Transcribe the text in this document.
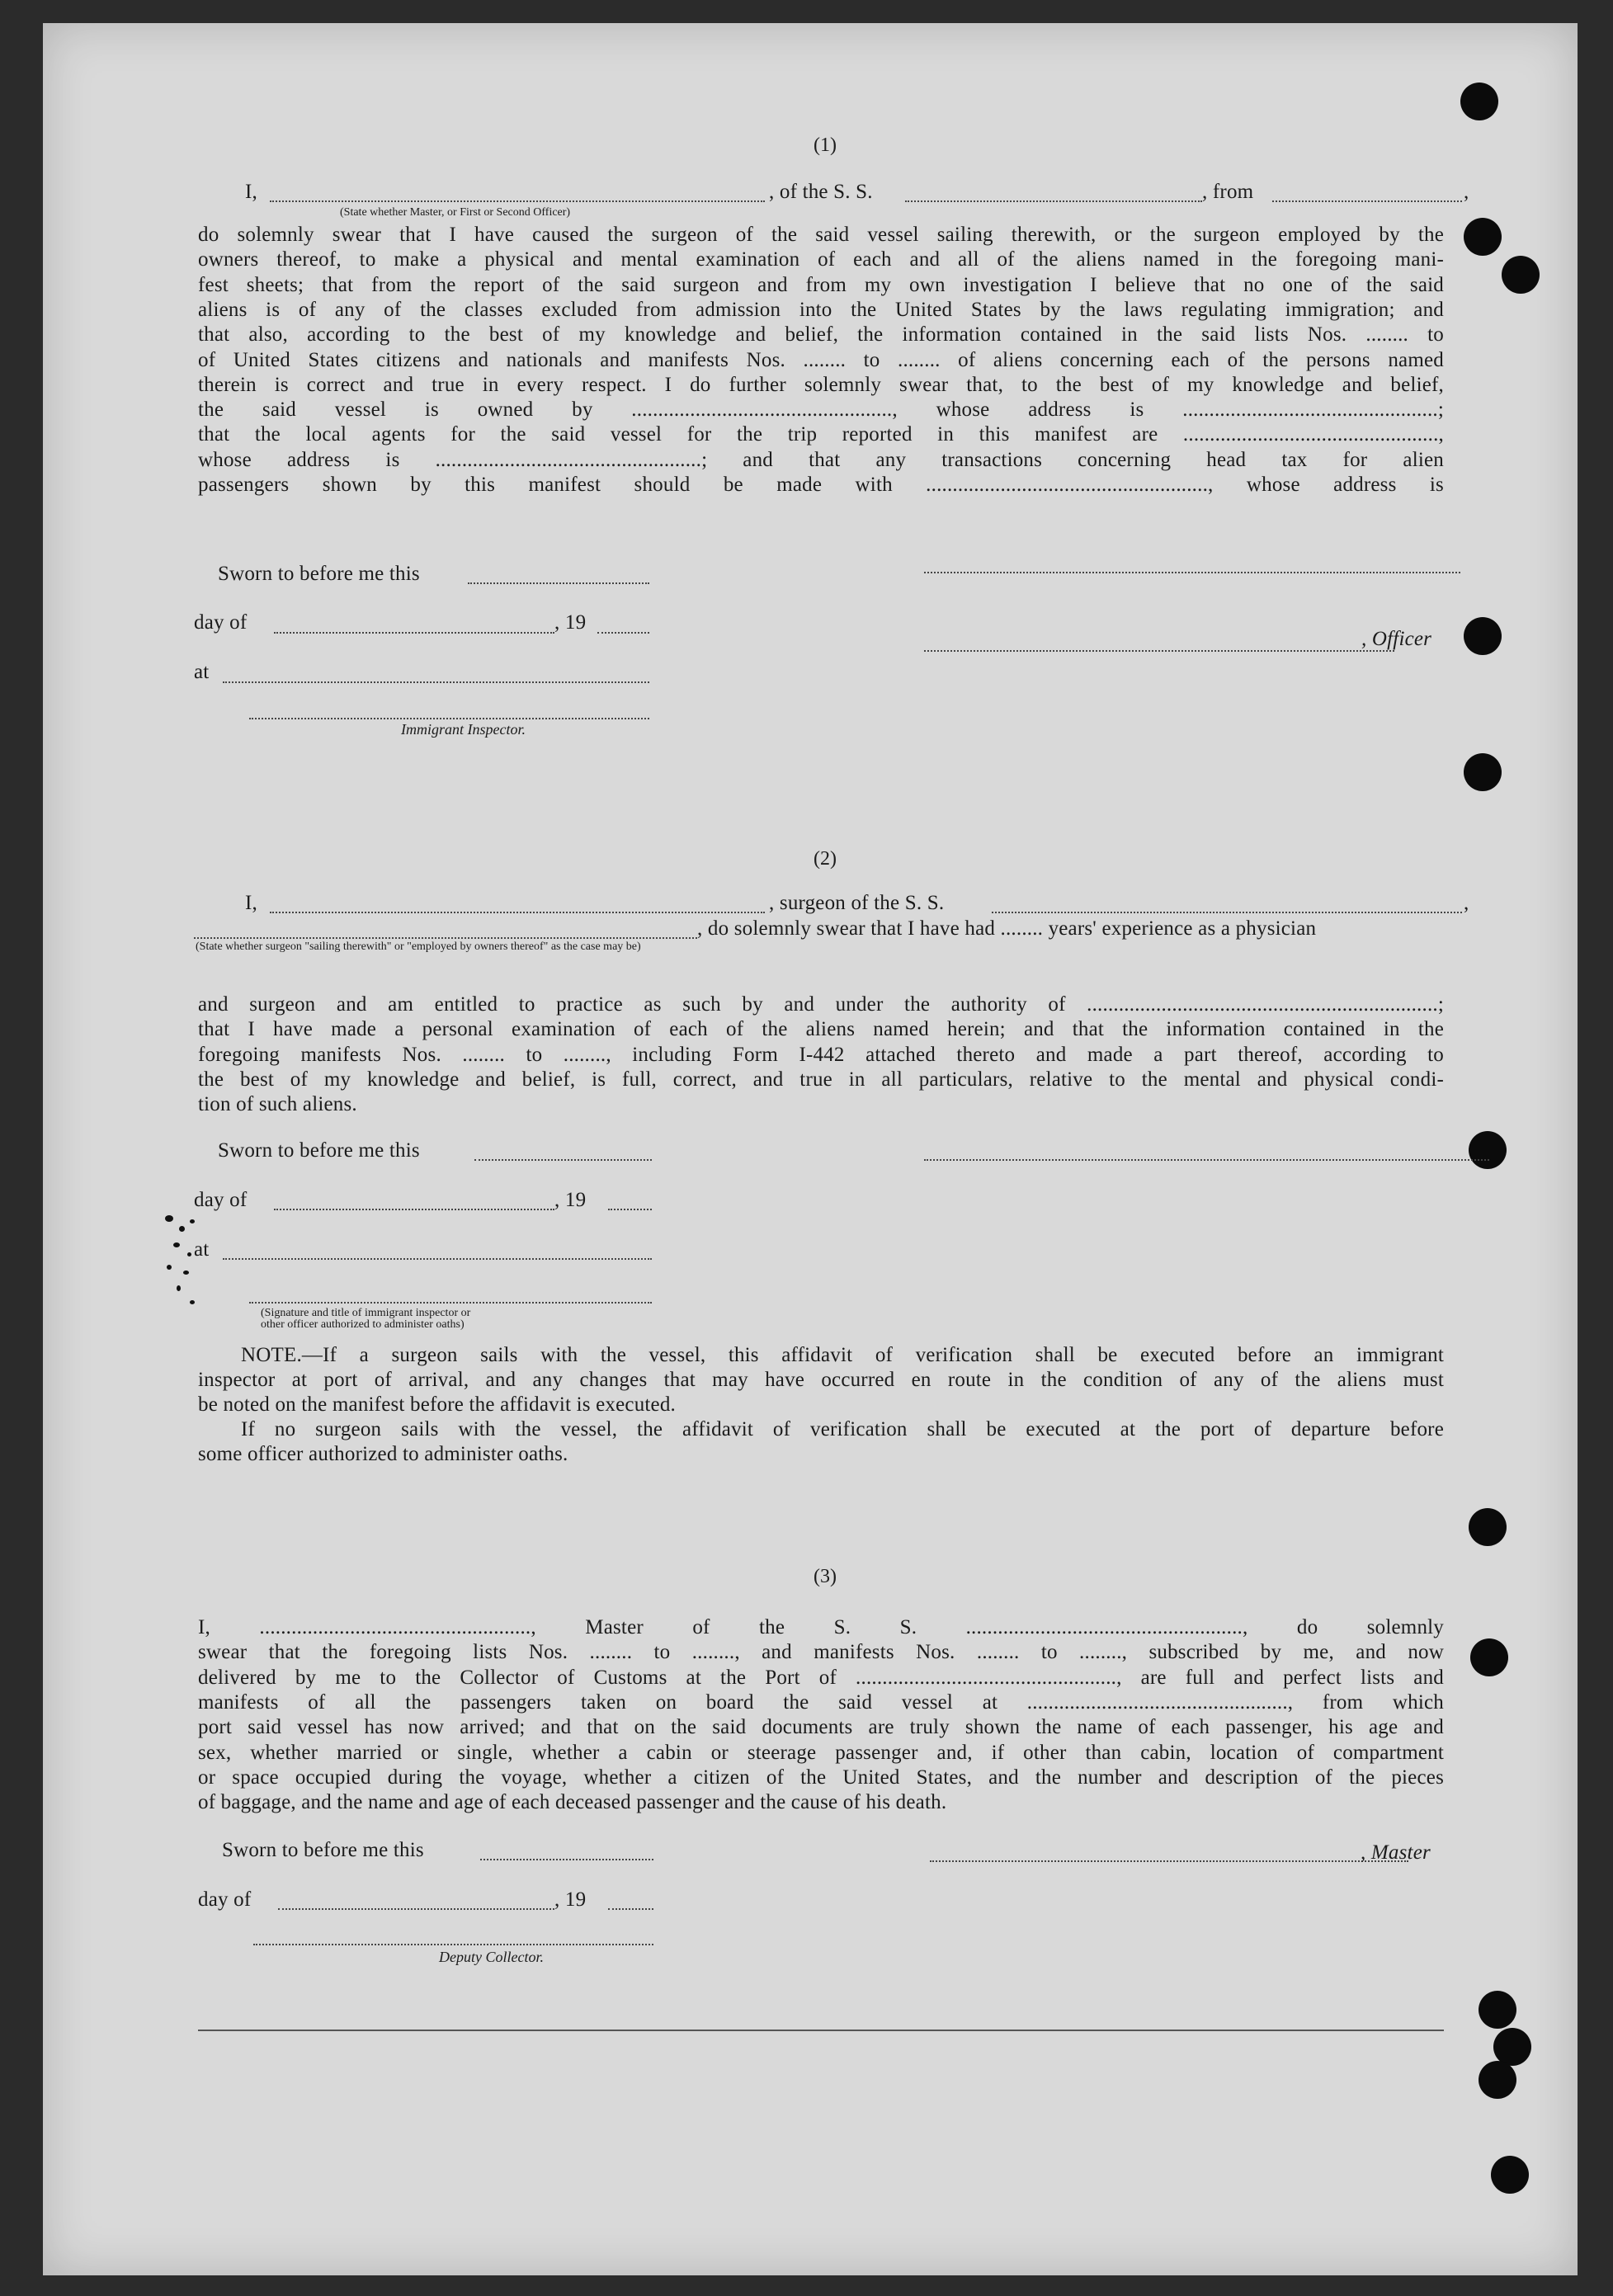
(1)
I,	, of the S. S.	, from	,
(State whether Master, or First or Second Officer)
do solemnly swear that I have caused the surgeon of the said vessel sailing therewith, or the surgeon employed by the
owners thereof, to make a physical and mental examination of each and all of the aliens named in the foregoing mani-
fest sheets; that from the report of the said surgeon and from my own investigation I believe that no one of the said
aliens is of any of the classes excluded from admission into the United States by the laws regulating immigration; and
that also, according to the best of my knowledge and belief, the information contained in the said lists Nos. ........ to
of United States citizens and nationals and manifests Nos. ........ to ........ of aliens concerning each of the persons named
therein is correct and true in every respect. I do further solemnly swear that, to the best of my knowledge and belief,
the said vessel is owned by ................................................., whose address is ................................................;
that the local agents for the said vessel for the trip reported in this manifest are ................................................,
whose address is ..................................................; and that any transactions concerning head tax for alien
passengers shown by this manifest should be made with ....................................................., whose address is
Sworn to before me this
day of	, 19
, Officer
at
Immigrant Inspector.
(2)
I,	, surgeon of the S. S.	,
, do solemnly swear that I have had ........ years' experience as a physician
(State whether surgeon "sailing therewith" or "employed by owners thereof" as the case may be)
and surgeon and am entitled to practice as such by and under the authority of ..................................................................;
that I have made a personal examination of each of the aliens named herein; and that the information contained in the
foregoing manifests Nos. ........ to ........, including Form I-442 attached thereto and made a part thereof, according to
the best of my knowledge and belief, is full, correct, and true in all particulars, relative to the mental and physical condi-
tion of such aliens.
Sworn to before me this
day of	, 19
at
(Signature and title of immigrant inspector or
other officer authorized to administer oaths)
NOTE.—If a surgeon sails with the vessel, this affidavit of verification shall be executed before an immigrant
inspector at port of arrival, and any changes that may have occurred en route in the condition of any of the aliens must
be noted on the manifest before the affidavit is executed.
If no surgeon sails with the vessel, the affidavit of verification shall be executed at the port of departure before
some officer authorized to administer oaths.
(3)
I, ..................................................., Master of the S. S. ...................................................., do solemnly
swear that the foregoing lists Nos. ........ to ........, and manifests Nos. ........ to ........, subscribed by me, and now
delivered by me to the Collector of Customs at the Port of ................................................., are full and perfect lists and
manifests of all the passengers taken on board the said vessel at ................................................., from which
port said vessel has now arrived; and that on the said documents are truly shown the name of each passenger, his age and
sex, whether married or single, whether a cabin or steerage passenger and, if other than cabin, location of compartment
or space occupied during the voyage, whether a citizen of the United States, and the number and description of the pieces
of baggage, and the name and age of each deceased passenger and the cause of his death.
Sworn to before me this	, Master
day of	, 19
Deputy Collector.
